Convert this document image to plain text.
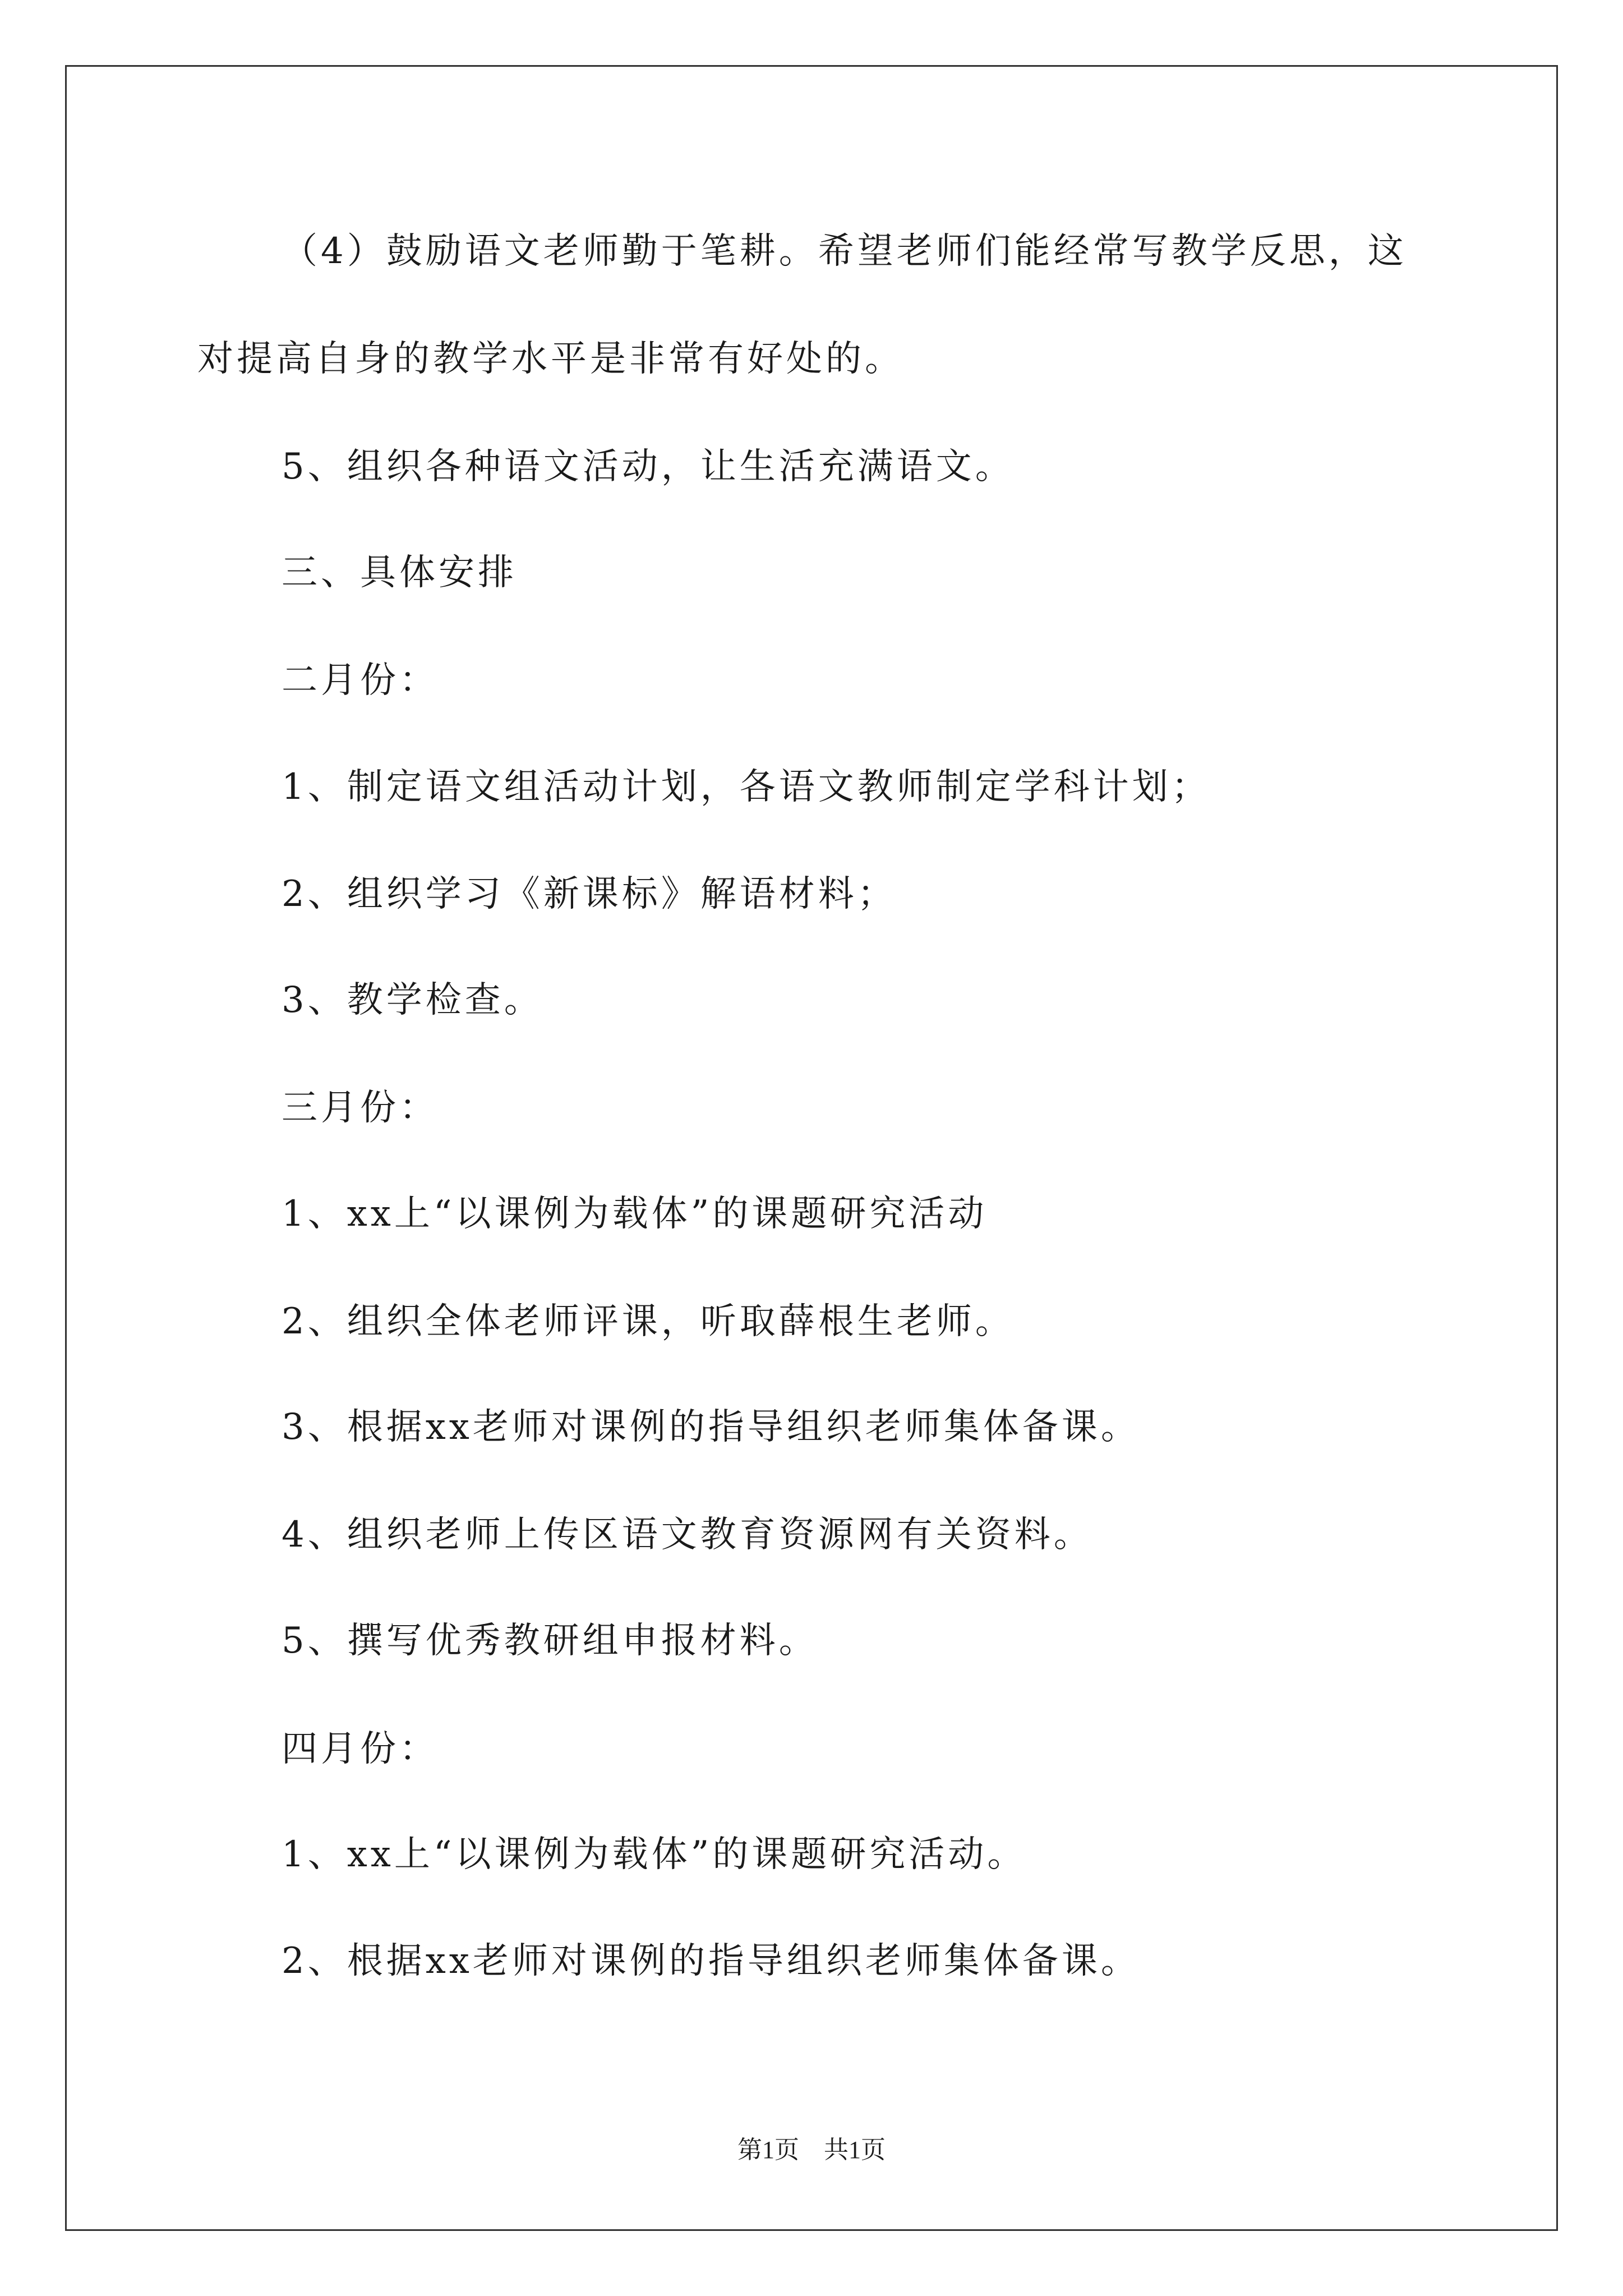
（4）鼓励语文老师勤于笔耕。希望老师们能经常写教学反思，这
对提高自身的教学水平是非常有好处的。
5、组织各种语文活动，让生活充满语文。
三、具体安排
二月份：
1、制定语文组活动计划，各语文教师制定学科计划；
2、组织学习《新课标》解语材料；
3、教学检查。
三月份：
1、xx上“以课例为载体”的课题研究活动
2、组织全体老师评课，听取薛根生老师。
3、根据xx老师对课例的指导组织老师集体备课。
4、组织老师上传区语文教育资源网有关资料。
5、撰写优秀教研组申报材料。
四月份：
1、xx上“以课例为载体”的课题研究活动。
2、根据xx老师对课例的指导组织老师集体备课。
第1页　共1页
